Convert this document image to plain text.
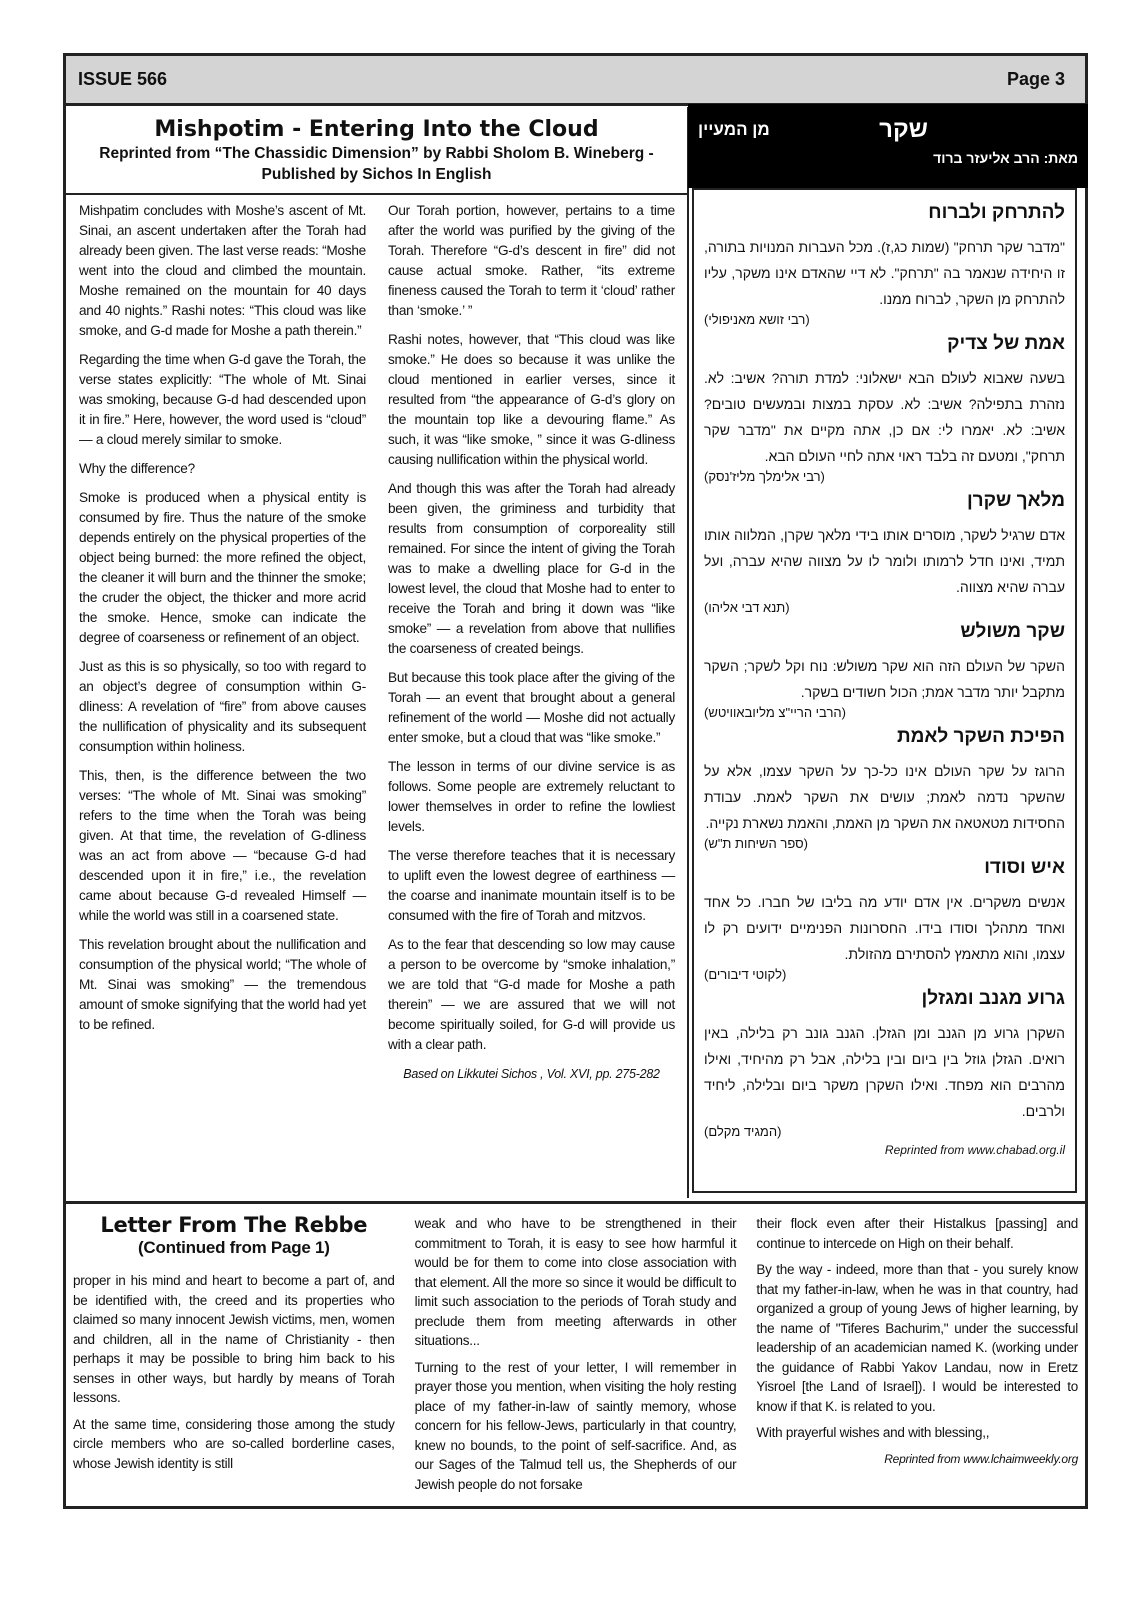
ISSUE 566	Page 3
Mishpotim - Entering Into the Cloud
Reprinted from “The Chassidic Dimension” by Rabbi Sholom B. Wineberg - Published by Sichos In English

Mishpatim concludes with Moshe’s ascent of Mt. Sinai, an ascent undertaken after the Torah had already been given. The last verse reads: “Moshe went into the cloud and climbed the mountain. Moshe remained on the mountain for 40 days and 40 nights.” Rashi notes: “This cloud was like smoke, and G-d made for Moshe a path therein.”

Regarding the time when G-d gave the Torah, the verse states explicitly: “The whole of Mt. Sinai was smoking, because G-d had descended upon it in fire.” Here, however, the word used is “cloud” — a cloud merely similar to smoke.

Why the difference?

Smoke is produced when a physical entity is consumed by fire. Thus the nature of the smoke depends entirely on the physical properties of the object being burned: the more refined the object, the cleaner it will burn and the thinner the smoke; the cruder the object, the thicker and more acrid the smoke. Hence, smoke can indicate the degree of coarseness or refinement of an object.

Just as this is so physically, so too with regard to an object’s degree of consumption within G-dliness: A revelation of “fire” from above causes the nullification of physicality and its subsequent consumption within holiness.

This, then, is the difference between the two verses: “The whole of Mt. Sinai was smoking” refers to the time when the Torah was being given. At that time, the revelation of G-dliness was an act from above — “because G-d had descended upon it in fire,” i.e., the revelation came about because G-d revealed Himself — while the world was still in a coarsened state.

This revelation brought about the nullification and consumption of the physical world; “The whole of Mt. Sinai was smoking” — the tremendous amount of smoke signifying that the world had yet to be refined.

Our Torah portion, however, pertains to a time after the world was purified by the giving of the Torah. Therefore “G-d’s descent in fire” did not cause actual smoke. Rather, “its extreme fineness caused the Torah to term it ‘cloud’ rather than ‘smoke.’ ”

Rashi notes, however, that “This cloud was like smoke.” He does so because it was unlike the cloud mentioned in earlier verses, since it resulted from “the appearance of G-d’s glory on the mountain top like a devouring flame.” As such, it was “like smoke, ” since it was G-dliness causing nullification within the physical world.

And though this was after the Torah had already been given, the griminess and turbidity that results from consumption of corporeality still remained. For since the intent of giving the Torah was to make a dwelling place for G-d in the lowest level, the cloud that Moshe had to enter to receive the Torah and bring it down was “like smoke” — a revelation from above that nullifies the coarseness of created beings.

But because this took place after the giving of the Torah — an event that brought about a general refinement of the world — Moshe did not actually enter smoke, but a cloud that was “like smoke.”

The lesson in terms of our divine service is as follows. Some people are extremely reluctant to lower themselves in order to refine the lowliest levels.

The verse therefore teaches that it is necessary to uplift even the lowest degree of earthiness — the coarse and inanimate mountain itself is to be consumed with the fire of Torah and mitzvos.

As to the fear that descending so low may cause a person to be overcome by “smoke inhalation,” we are told that “G-d made for Moshe a path therein” — we are assured that we will not become spiritually soiled, for G-d will provide us with a clear path.

Based on Likkutei Sichos , Vol. XVI, pp. 275-282
שקר
מן המעיין
מאת: הרב אליעזר ברוד
להתרחק ולברוח
"מדבר שקר תרחק" (שמות כג,ז). מכל העברות המנויות בתורה, זו היחידה שנאמר בה "תרחק". לא דיי שהאדם אינו משקר, עליו להתרחק מן השקר, לברוח ממנו.
(רבי זושא מאניפולי)
אמת של צדיק
בשעה שאבוא לעולם הבא ישאלוני: למדת תורה? אשיב: לא. נזהרת בתפילה? אשיב: לא. עסקת במצות ובמעשים טובים? אשיב: לא. יאמרו לי: אם כן, אתה מקיים את "מדבר שקר תרחק", ומטעם זה בלבד ראוי אתה לחיי העולם הבא.
(רבי אלימלך מליז'נסק)
מלאך שקרן
אדם שרגיל לשקר, מוסרים אותו בידי מלאך שקרן, המלווה אותו תמיד, ואינו חדל לרמותו ולומר לו על מצווה שהיא עברה, ועל עברה שהיא מצווה.
(תנא דבי אליהו)
שקר משולש
השקר של העולם הזה הוא שקר משולש: נוח וקל לשקר; השקר מתקבל יותר מדבר אמת; הכול חשודים בשקר.
(הרבי הריי"צ מליובאוויטש)
הפיכת השקר לאמת
הרוגז על שקר העולם אינו כל-כך על השקר עצמו, אלא על שהשקר נדמה לאמת; עושים את השקר לאמת. עבודת החסידות מטאטאה את השקר מן האמת, והאמת נשארת נקייה.
(ספר השיחות ת"ש)
איש וסודו
אנשים משקרים. אין אדם יודע מה בליבו של חברו. כל אחד ואחד מתהלך וסודו בידו. החסרונות הפנימיים ידועים רק לו עצמו, והוא מתאמץ להסתירם מהזולת.
(לקוטי דיבורים)
גרוע מגנב ומגזלן
השקרן גרוע מן הגנב ומן הגזלן. הגנב גונב רק בלילה, באין רואים. הגזלן גוזל בין ביום ובין בלילה, אבל רק מהיחיד, ואילו מהרבים הוא מפחד. ואילו השקרן משקר ביום ובלילה, ליחיד ולרבים.
(המגיד מקלם)
Reprinted from www.chabad.org.il
Letter From The Rebbe
(Continued from Page 1)

proper in his mind and heart to become a part of, and be identified with, the creed and its properties who claimed so many innocent Jewish victims, men, women and children, all in the name of Christianity - then perhaps it may be possible to bring him back to his senses in other ways, but hardly by means of Torah lessons.

At the same time, considering those among the study circle members who are so-called borderline cases, whose Jewish identity is still

weak and who have to be strengthened in their commitment to Torah, it is easy to see how harmful it would be for them to come into close association with that element. All the more so since it would be difficult to limit such association to the periods of Torah study and preclude them from meeting afterwards in other situations...

Turning to the rest of your letter, I will remember in prayer those you mention, when visiting the holy resting place of my father-in-law of saintly memory, whose concern for his fellow-Jews, particularly in that country, knew no bounds, to the point of self-sacrifice. And, as our Sages of the Talmud tell us, the Shepherds of our Jewish people do not forsake

their flock even after their Histalkus [passing] and continue to intercede on High on their behalf.

By the way - indeed, more than that - you surely know that my father-in-law, when he was in that country, had organized a group of young Jews of higher learning, by the name of "Tiferes Bachurim," under the successful leadership of an academician named K. (working under the guidance of Rabbi Yakov Landau, now in Eretz Yisroel [the Land of Israel]). I would be interested to know if that K. is related to you.

With prayerful wishes and with blessing,,

Reprinted from www.lchaimweekly.org
